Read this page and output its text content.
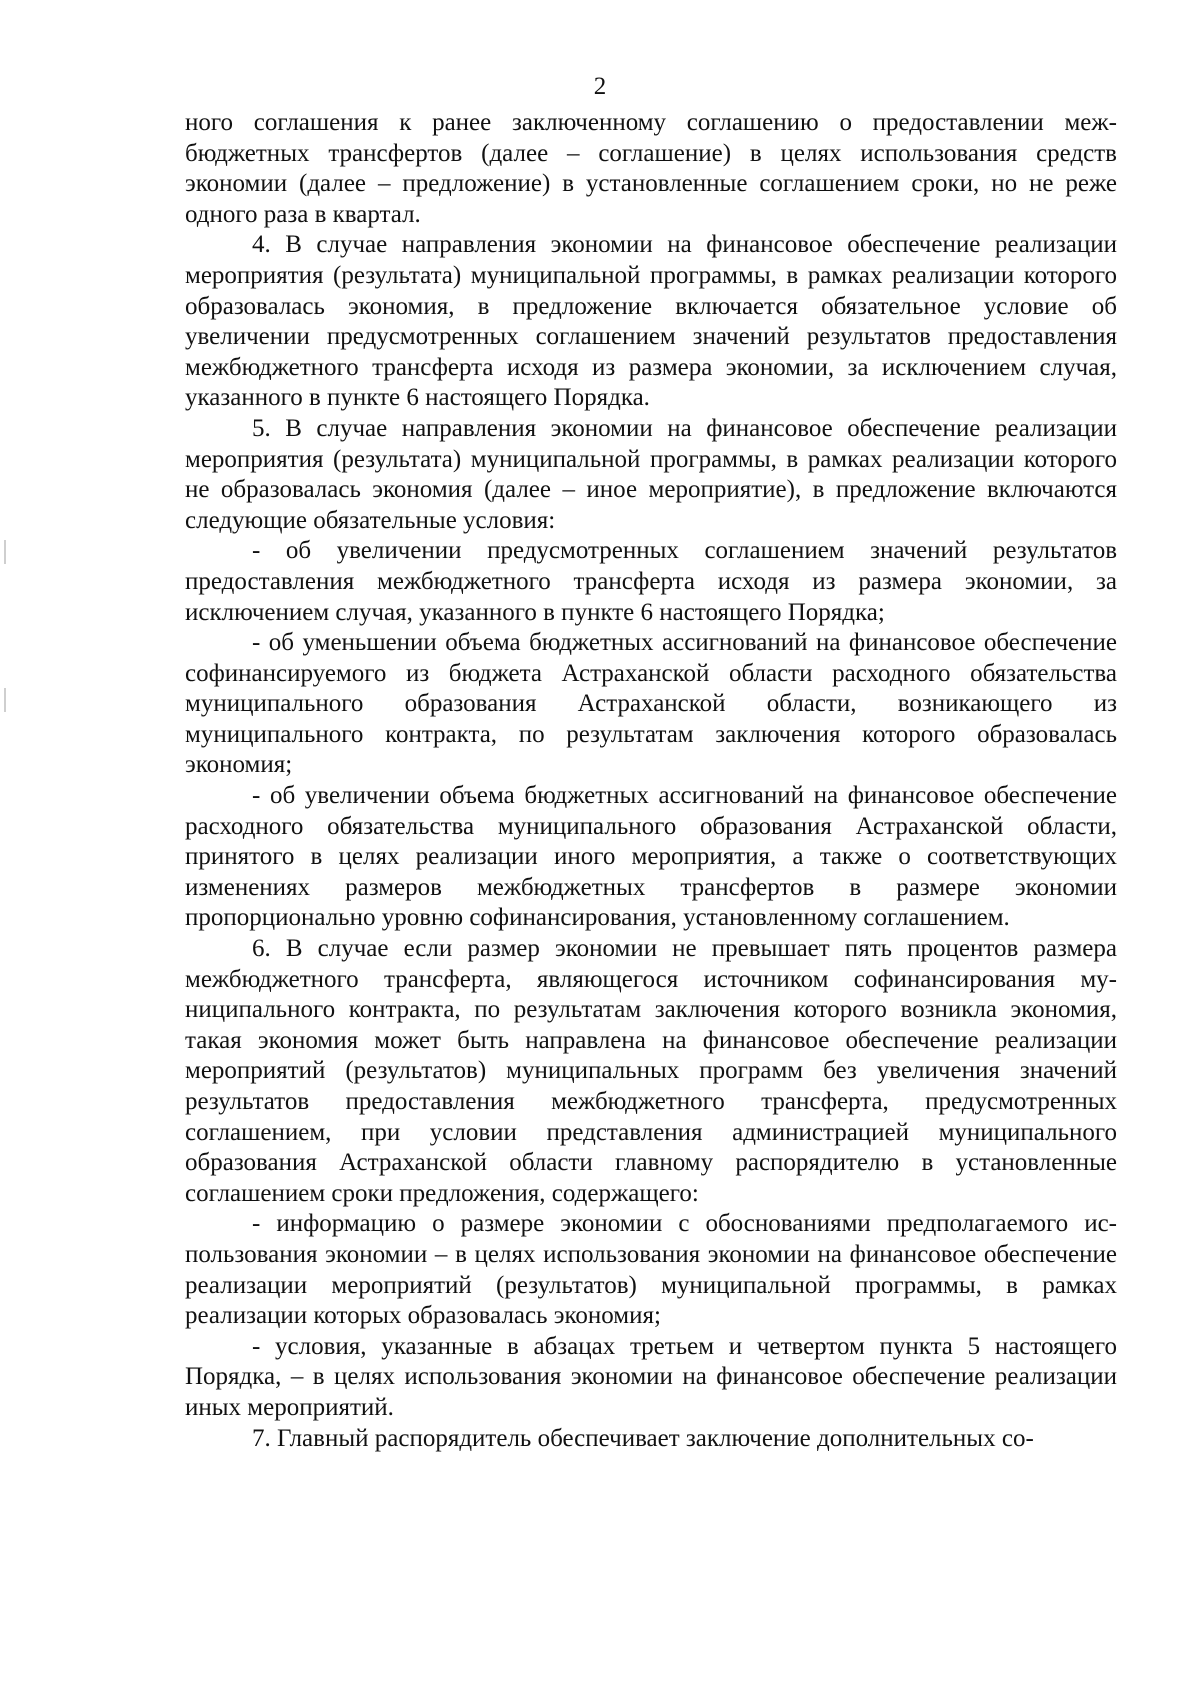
2

ного соглашения к ранее заключенному соглашению о предоставлении межбюджетных трансфертов (далее – соглашение) в целях использования средств экономии (далее – предложение) в установленные соглашением сроки, но не реже одного раза в квартал.

4. В случае направления экономии на финансовое обеспечение реализации мероприятия (результата) муниципальной программы, в рамках реализации которого образовалась экономия, в предложение включается обязательное условие об увеличении предусмотренных соглашением значений результатов предоставления межбюджетного трансферта исходя из размера экономии, за исключением случая, указанного в пункте 6 настоящего Порядка.

5. В случае направления экономии на финансовое обеспечение реализации мероприятия (результата) муниципальной программы, в рамках реализации которого не образовалась экономия (далее – иное мероприятие), в предложение включаются следующие обязательные условия:

- об увеличении предусмотренных соглашением значений результатов предоставления межбюджетного трансферта исходя из размера экономии, за исключением случая, указанного в пункте 6 настоящего Порядка;

- об уменьшении объема бюджетных ассигнований на финансовое обеспечение софинансируемого из бюджета Астраханской области расходного обязательства муниципального образования Астраханской области, возникающего из муниципального контракта, по результатам заключения которого образовалась экономия;

- об увеличении объема бюджетных ассигнований на финансовое обеспечение расходного обязательства муниципального образования Астраханской области, принятого в целях реализации иного мероприятия, а также о соответствующих изменениях размеров межбюджетных трансфертов в размере экономии пропорционально уровню софинансирования, установленному соглашением.

6. В случае если размер экономии не превышает пять процентов размера межбюджетного трансферта, являющегося источником софинансирования муниципального контракта, по результатам заключения которого возникла экономия, такая экономия может быть направлена на финансовое обеспечение реализации мероприятий (результатов) муниципальных программ без увеличения значений результатов предоставления межбюджетного трансферта, предусмотренных соглашением, при условии представления администрацией муниципального образования Астраханской области главному распорядителю в установленные соглашением сроки предложения, содержащего:

- информацию о размере экономии с обоснованиями предполагаемого использования экономии – в целях использования экономии на финансовое обеспечение реализации мероприятий (результатов) муниципальной программы, в рамках реализации которых образовалась экономия;

- условия, указанные в абзацах третьем и четвертом пункта 5 настоящего Порядка, – в целях использования экономии на финансовое обеспечение реализации иных мероприятий.

7. Главный распорядитель обеспечивает заключение дополнительных со-
